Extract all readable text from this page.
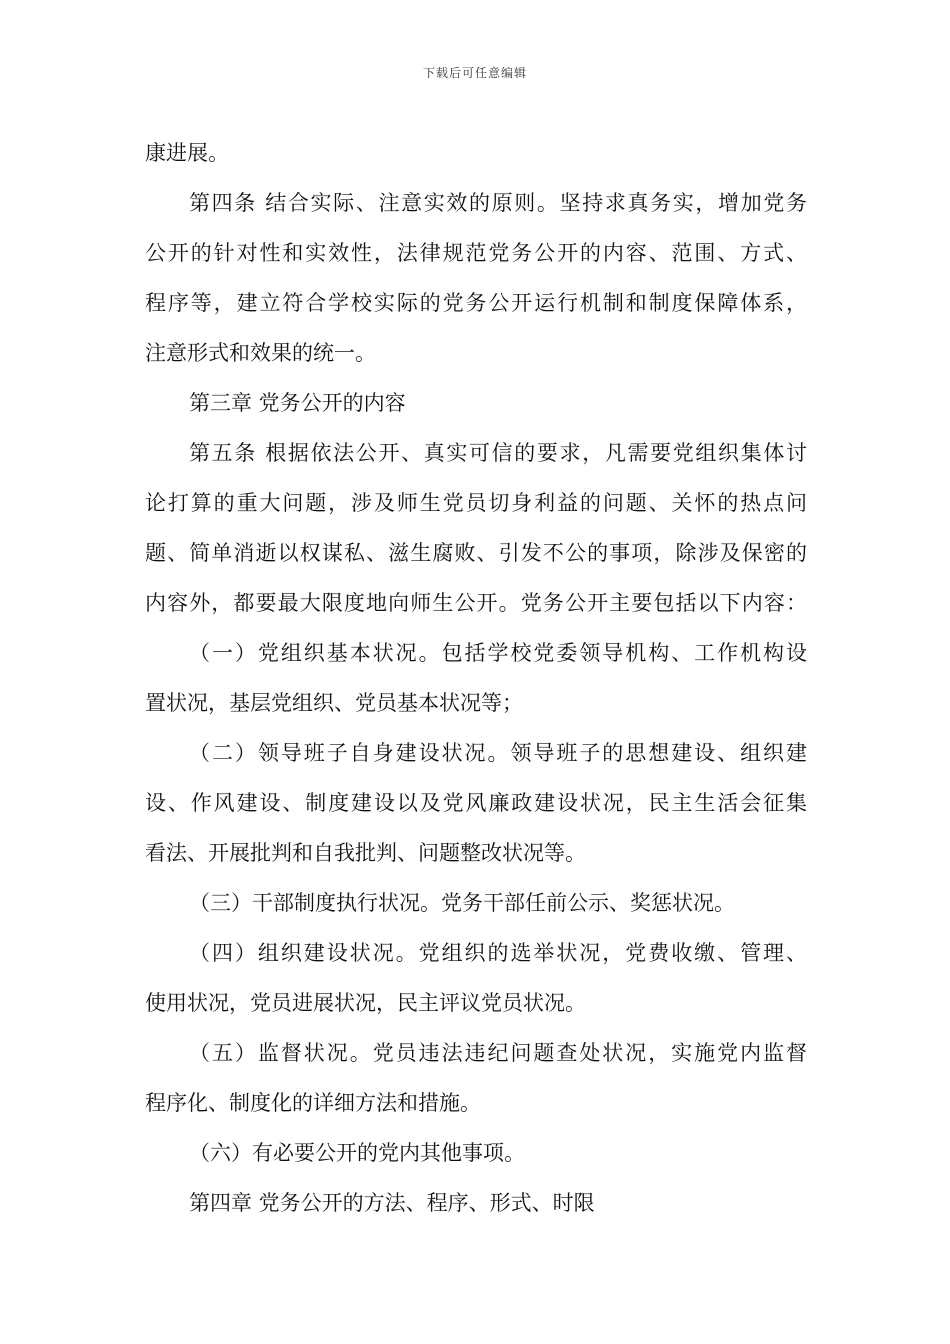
下载后可任意编辑
康进展。
第四条 结合实际、注意实效的原则。坚持求真务实，增加党务
公开的针对性和实效性，法律规范党务公开的内容、范围、方式、
程序等，建立符合学校实际的党务公开运行机制和制度保障体系，
注意形式和效果的统一。
第三章 党务公开的内容
第五条 根据依法公开、真实可信的要求，凡需要党组织集体讨
论打算的重大问题，涉及师生党员切身利益的问题、关怀的热点问
题、简单消逝以权谋私、滋生腐败、引发不公的事项，除涉及保密的
内容外，都要最大限度地向师生公开。党务公开主要包括以下内容：
（一）党组织基本状况。包括学校党委领导机构、工作机构设
置状况，基层党组织、党员基本状况等；
（二）领导班子自身建设状况。领导班子的思想建设、组织建
设、作风建设、制度建设以及党风廉政建设状况，民主生活会征集
看法、开展批判和自我批判、问题整改状况等。
（三）干部制度执行状况。党务干部任前公示、奖惩状况。
（四）组织建设状况。党组织的选举状况，党费收缴、管理、
使用状况，党员进展状况，民主评议党员状况。
（五）监督状况。党员违法违纪问题查处状况，实施党内监督
程序化、制度化的详细方法和措施。
（六）有必要公开的党内其他事项。
第四章 党务公开的方法、程序、形式、时限
